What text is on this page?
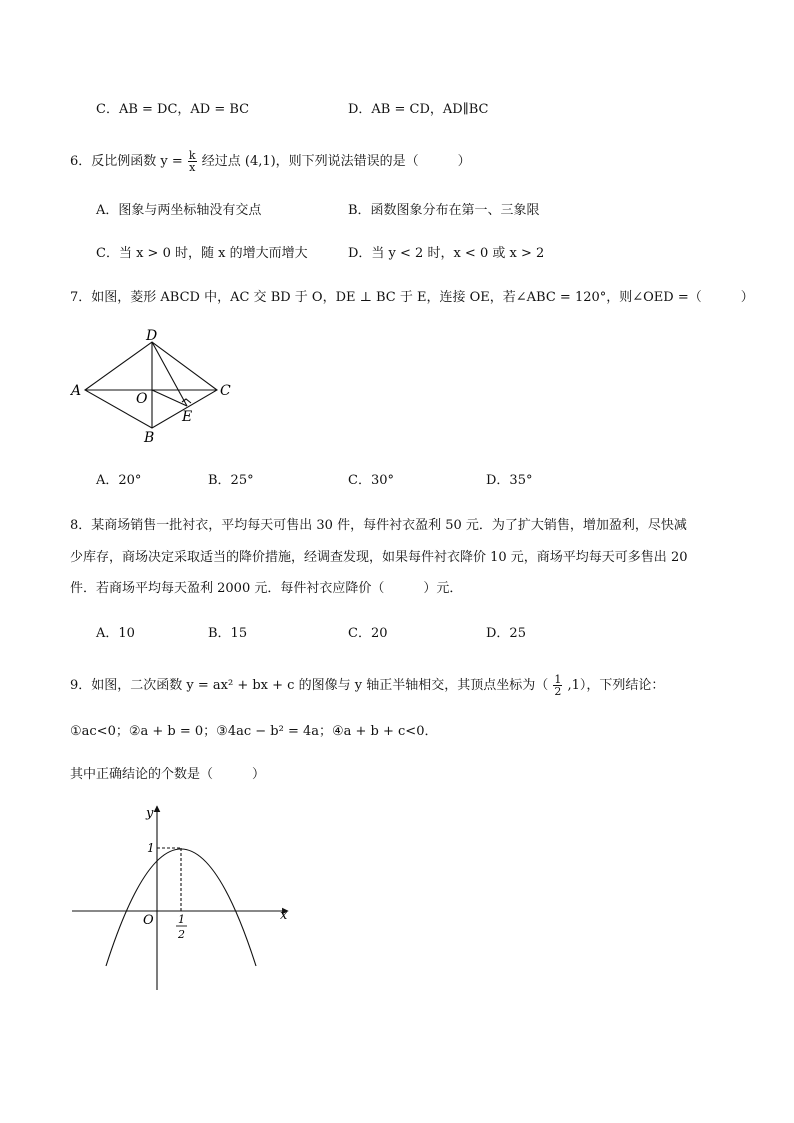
C．AB = DC，AD = BC	D．AB = CD，AD∥BC
6．反比例函数 $y = \frac{k}{x}$ 经过点 (4,1)，则下列说法错误的是（　　　）
A．图象与两坐标轴没有交点	B．函数图象分布在第一、三象限
C．当 x > 0 时，随 x 的增大而增大	D．当 y < 2 时，x < 0 或 x > 2
7．如图，菱形 ABCD 中，AC 交 BD 于 O，DE ⊥ BC 于 E，连接 OE，若∠ABC = 120°，则∠OED =（　　　）
A
D
C
B
O
E
A．20°	B．25°	C．30°	D．35°
8．某商场销售一批衬衣，平均每天可售出 30 件，每件衬衣盈利 50 元．为了扩大销售，增加盈利，尽快减
少库存，商场决定采取适当的降价措施，经调查发现，如果每件衬衣降价 10 元，商场平均每天可多售出 20
件．若商场平均每天盈利 2000 元．每件衬衣应降价（　　　）元．
A．10	B．15	C．20	D．25
9．如图，二次函数 y = ax² + bx + c 的图像与 y 轴正半轴相交，其顶点坐标为（ $\frac{1}{2} ,1$），下列结论：
①ac<0；②a + b = 0；③4ac − b² = 4a；④a + b + c<0．
其中正确结论的个数是（　　　）
y
x
O
1
1
2
